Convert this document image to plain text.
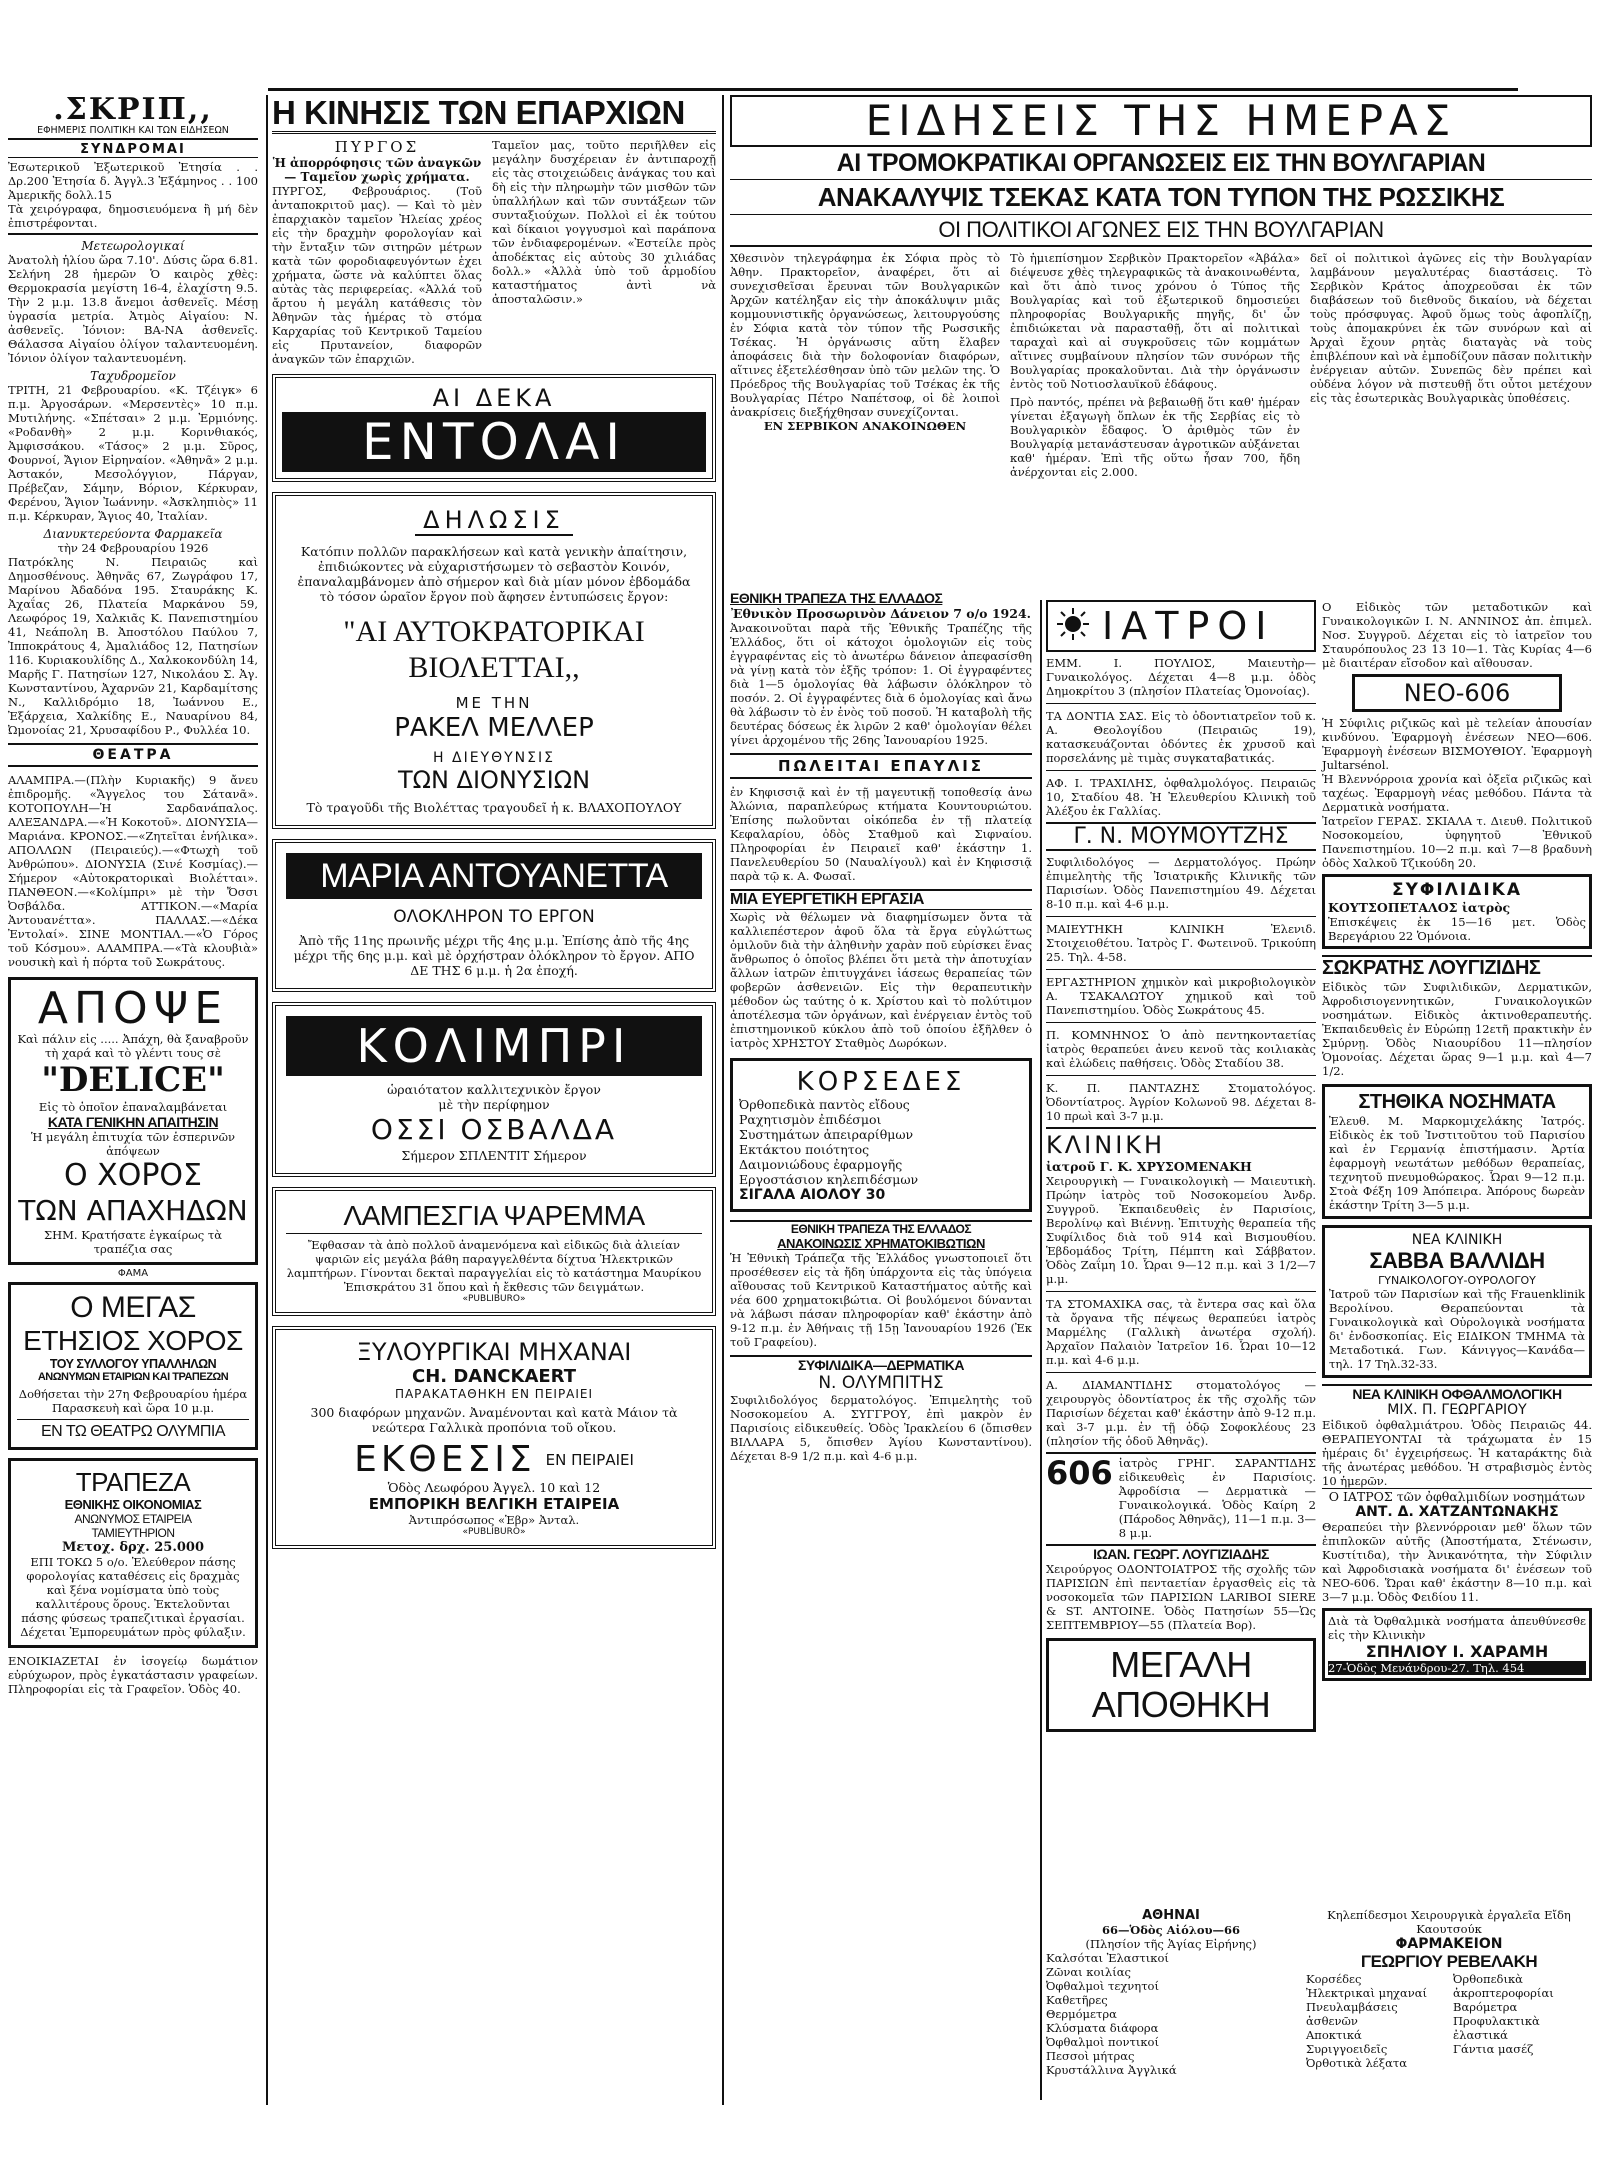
.ΣΚΡΙΠ,,
ΕΦΗΜΕΡΙΣ ΠΟΛΙΤΙΚΗ ΚΑΙ ΤΩΝ ΕΙΔΗΣΕΩΝ
ΣΥΝΔΡΟΜΑΙ

Ἐσωτερικοῦ Ἐξωτερικοῦ Ἐτησία . . Δρ.200 Ἐτησία δ. Ἀγγλ.3 Ἑξάμηνος . . 100 Ἀμερικῆς δολλ.15

Τὰ χειρόγραφα, δημοσιευόμενα ἢ μή δὲν ἐπιστρέφονται.

Μετεωρολογικαί

Ἀνατολὴ ἡλίου ὥρα 7.10'. Δύσις ὥρα 6.81. Σελήνη 28 ἡμερῶν Ὁ καιρὸς χθὲς: Θερμοκρασία μεγίστη 16-4, ἐλαχίστη 9.5. Τὴν 2 μ.μ. 13.8 ἄνεμοι ἀσθενεῖς. Μέσῃ ὑγρασία μετρία. Ἀτμὸς Αἰγαίου: Ν. ἀσθενεῖς. Ἰόνιον: ΒΑ-ΝΑ ἀσθενεῖς. Θάλασσα Αἰγαίου ὀλίγον ταλαντευομένη. Ἰόνιον ὀλίγον ταλαντευομένη.

Ταχυδρομεῖον

ΤΡΙΤΗ, 21 Φεβρουαρίου. «Κ. Τζέιγκ» 6 π.μ. Ἀργοσάρων. «Μερσεντὲς» 10 π.μ. Μυτιλήνης. «Σπέτσαι» 2 μ.μ. Ἐρμιόνης. «Ροδανθὴ» 2 μ.μ. Κορινθιακός, Ἀμφισσάκου. «Τάσος» 2 μ.μ. Σῦρος, Φουρνοί, Ἄγιον Εἰρηναίον. «Ἀθηνᾶ» 2 μ.μ. Ἀστακόν, Μεσολόγγιον, Πάργαν, Πρέβεζαν, Σάμην, Βόριον, Κέρκυραν, Φερένου, Ἅγιον Ἰωάννην. «Ἀσκληπιὸς» 11 π.μ. Κέρκυραν, Ἅγιος 40, Ἰταλίαν.

Διανυκτερεύοντα Φαρμακεῖα
τὴν 24 Φεβρουαρίου 1926

Πατρόκλης Ν. Πειραιῶς καὶ Δημοσθένους. Ἀθηνᾶς 67, Ζωγράφου 17, Μαρίνου Ἀδαδόνα 195. Σταυράκης Κ. Ἀχαΐας 26, Πλατεία Μαρκάνου 59, Λεωφόρος 19, Χαλκιᾶς Κ. Πανεπιστημίου 41, Νεάπολη Β. Ἀποστόλου Παύλου 7, Ἰπποκράτους 4, Ἀμαλιάδος 12, Πατησίων 116. Κυριακουλίδης Δ., Χαλκοκονδύλη 14, Μαρῆς Γ. Πατησίων 127, Νικολάου Σ. Ἀγ. Κωνσταντίνου, Ἀχαρνῶν 21, Καρδαμίτσης Ν., Καλλιδρόμιο 18, Ἰωάννου Ε., Ἐξάρχεια, Χαλκίδης Ε., Ναυαρίνου 84, Ὠμονοίας 21, Χρυσαφίδου Ρ., Φυλλέα 10.

ΘΕΑΤΡΑ

ΑΛΑΜΠΡΑ.—(Πλὴν Κυριακῆς) 9 ἄνευ ἐπιδρομῆς. «Ἄγγελος του Σάτανᾶ». ΚΟΤΟΠΟΥΛΗ—Ἡ Σαρδανάπαλος. ΑΛΕΞΑΝΔΡΑ.—«Ἡ Κοκοτοῦ». ΔΙΟΝΥΣΙΑ—Μαριάνα. ΚΡΟΝΟΣ.—«Ζητεῖται ἐνήλικα». ΑΠΟΛΛΩΝ (Πειραιεύς).—«Φτωχὴ τοῦ Ἀνθρώπου». ΔΙΟΝΥΣΙΑ (Σινέ Κοσμίας).—Σήμερον «Αὐτοκρατορικαὶ Βιολέτται». ΠΑΝΘΕΟΝ.—«Κολίμπρι» μὲ τὴν Ὄσσι Ὀσβάλδα. ΑΤΤΙΚΟΝ.—«Μαρία Ἀντουανέττα». ΠΑΛΛΑΣ.—«Δέκα Ἐντολαί». ΣΙΝΕ ΜΟΝΤΙΑΛ.—«Ὁ Γόρος τοῦ Κόσμου». ΑΛΑΜΠΡΑ.—«Τὰ κλουβιὰ» νουσικὴ καὶ ἡ πόρτα τοῦ Σωκράτους.

ΑΠΟΨΕ
Καὶ πάλιν εἰς ..... Ἀπάχη, θὰ ξαναβροῦν τὴ χαρά καὶ τὸ γλέντι τους σὲ
"DELICE"
Εἰς τὸ ὁποῖον ἐπαναλαμβάνεται
ΚΑΤΑ ΓΕΝΙΚΗΝ ΑΠΑΙΤΗΣΙΝ
Ἡ μεγάλη ἐπιτυχία τῶν ἑσπερινῶν ἀπόψεων
Ο ΧΟΡΟΣ
ΤΩΝ ΑΠΑΧΗΔΩΝ
ΣΗΜ. Κρατήσατε ἐγκαίρως τὰ τραπέζια σας
ΦΑΜΑ
Ο ΜΕΓΑΣ
ΕΤΗΣΙΟΣ ΧΟΡΟΣ
ΤΟΥ ΣΥΛΛΟΓΟΥ ΥΠΑΛΛΗΛΩΝ
ΑΝΩΝΥΜΩΝ ΕΤΑΙΡΙΩΝ ΚΑΙ ΤΡΑΠΕΖΩΝ
Δοθήσεται τὴν 27η Φεβρουαρίου ἡμέρα Παρασκευὴ καὶ ὥρα 10 μ.μ.
ΕΝ ΤΩ ΘΕΑΤΡΩ ΟΛΥΜΠΙΑ
ΤΡΑΠΕΖΑ
ΕΘΝΙΚΗΣ ΟΙΚΟΝΟΜΙΑΣ
ΑΝΩΝΥΜΟΣ ΕΤΑΙΡΕΙΑ
ΤΑΜΙΕΥΤΗΡΙΟΝ
Μετοχ. δρχ. 25.000
ΕΠΙ ΤΟΚΩ 5 ο/ο. Ἐλεύθερον πάσης φορολογίας καταθέσεις εἰς δραχμὰς καὶ ξένα νομίσματα ὑπὸ τοὺς καλλιτέρους ὅρους. Ἐκτελοῦνται πάσης φύσεως τραπεζιτικαὶ ἐργασίαι. Δέχεται Ἐμπορευμάτων πρὸς φύλαξιν.

ΕΝΟΙΚΙΑΖΕΤΑΙ ἐν ἰσογείῳ δωμάτιον εὐρύχωρον, πρὸς ἐγκατάστασιν γραφείων. Πληροφορίαι εἰς τὰ Γραφεῖον. Ὁδὸς 40.

Η ΚΙΝΗΣΙΣ ΤΩΝ ΕΠΑΡΧΙΩΝ
ΠΥΡΓΟΣ
Ἡ ἀπορρόφησις τῶν ἀναγκῶν
— Ταμεῖον χωρὶς χρήματα.

ΠΥΡΓΟΣ, Φεβρουάριος. (Τοῦ ἀνταποκριτοῦ μας). — Καὶ τὸ μὲν ἐπαρχιακὸν ταμεῖον Ἠλείας χρέος εἰς τὴν δραχμὴν φορολογίαν καὶ τὴν ἔνταξιν τῶν σιτηρῶν μέτρων κατὰ τῶν φοροδιαφευγόντων ἐχει χρήματα, ὥστε νὰ καλύπτει ὅλας αὐτὰς τὰς περιφερείας. «Ἀλλά τοῦ ἄρτου ἡ μεγάλη κατάθεσις τὸν Ἀθηνῶν τὰς ἡμέρας τὸ στόμα Καρχαρίας τοῦ Κεντρικοῦ Ταμείου εἰς Πρυτανείον, διαφορῶν ἀναγκῶν τῶν ἐπαρχιῶν.

Ταμεῖον μας, τοῦτο περιῆλθεν εἰς μεγάλην δυσχέρειαν ἐν ἀντιπαροχῇ εἰς τὰς στοιχειώδεις ἀνάγκας του καὶ δὴ εἰς τὴν πληρωμὴν τῶν μισθῶν τῶν ὑπαλλήλων καὶ τῶν συντάξεων τῶν συνταξιούχων. Πολλοὶ εἰ ἐκ τούτου καὶ δίκαιοι γογγυσμοὶ καὶ παράπονα τῶν ἐνδιαφερομένων. «Ἐστείλε πρὸς ἀποδέκτας εἰς αὐτοὺς 30 χιλιάδας δολλ.» «Ἀλλὰ ὑπὸ τοῦ ἀρμοδίου καταστήματος ἀντὶ νὰ ἀποσταλῶσιν.»

ΑΙ ΔΕΚΑ
ΕΝΤΟΛΑΙ
ΔΗΛΩΣΙΣ

Κατόπιν πολλῶν παρακλήσεων καὶ κατὰ γενικὴν ἀπαίτησιν, ἐπιδιώκοντες νὰ εὐχαριστήσωμεν τὸ σεβαστὸν Κοινόν, ἐπαναλαμβάνομεν ἀπὸ σήμερον καὶ διὰ μίαν μόνον ἑβδομάδα τὸ τόσον ὡραῖον ἔργον ποὺ ἄφησεν ἐντυπώσεις ἔργον:

"ΑΙ ΑΥΤΟΚΡΑΤΟΡΙΚΑΙ ΒΙΟΛΕΤΤΑΙ,,
ΜΕ ΤΗΝ
ΡΑΚΕΛ ΜΕΛΛΕΡ
Η ΔΙΕΥΘΥΝΣΙΣ
ΤΩΝ ΔΙΟΝΥΣΙΩΝ
Τὸ τραγοῦδι τῆς Βιολέττας τραγουδεῖ ἡ κ. ΒΛΑΧΟΠΟΥΛΟΥ
ΜΑΡΙΑ ΑΝΤΟΥΑΝΕΤΤΑ
ΟΛΟΚΛΗΡΟΝ ΤΟ ΕΡΓΟΝ

Ἀπὸ τῆς 11ης πρωινῆς μέχρι τῆς 4ης μ.μ. Ἐπίσης ἀπὸ τῆς 4ης μέχρι τῆς 6ης μ.μ. καὶ μὲ ὀρχήστραν ὁλόκληρον τὸ ἔργον. ΑΠΟ ΔΕ ΤΗΣ 6 μ.μ. ἡ 2α ἐποχή.

ΚΟΛΙΜΠΡΙ
ὡραιότατον καλλιτεχνικὸν ἔργον
μὲ τὴν περίφημον
ΟΣΣΙ ΟΣΒΑΛΔΑ
Σήμερον ΣΠΛΕΝΤΙΤ Σήμερον
ΛΑΜΠΕΣΓΙΑ ΨΑΡΕΜΜΑ

Ἔφθασαν τὰ ἀπὸ πολλοῦ ἀναμενόμενα καὶ εἰδικῶς διὰ ἀλιείαν ψαριῶν εἰς μεγάλα βάθη παραγγελθέντα δίχτυα Ἠλεκτρικῶν λαμπτήρων. Γίνονται δεκταὶ παραγγελίαι εἰς τὸ κατάστημα Μαυρίκου Ἐπισκράτου 31 ὅπου καὶ ἡ ἔκθεσις τῶν δειγμάτων.

«PUBLIBURO»
ΞΥΛΟΥΡΓΙΚΑΙ ΜΗΧΑΝΑΙ
CH. DANCKAERT
ΠΑΡΑΚΑΤΑΘΗΚΗ ΕΝ ΠΕΙΡΑΙΕΙ
300 διαφόρων μηχανῶν. Ἀναμένονται καὶ κατὰ Μάιον τὰ νεώτερα Γαλλικὰ προπόνια τοῦ οἴκου.
ΕΚΘΕΣΙΣ ΕΝ ΠΕΙΡΑΙΕΙ
Ὁδὸς Λεωφόρου Ἀγγελ. 10 καὶ 12
ΕΜΠΟΡΙΚΗ ΒΕΛΓΙΚΗ ΕΤΑΙΡΕΙΑ
Ἀντιπρόσωπος «Ἑβρ» Ἀνταλ.
«PUBLIBURO»
ΕΙΔΗΣΕΙΣ ΤΗΣ ΗΜΕΡΑΣ
ΑΙ ΤΡΟΜΟΚΡΑΤΙΚΑΙ ΟΡΓΑΝΩΣΕΙΣ ΕΙΣ ΤΗΝ ΒΟΥΛΓΑΡΙΑΝ
ΑΝΑΚΑΛΥΨΙΣ ΤΣΕΚΑΣ ΚΑΤΑ ΤΟΝ ΤΥΠΟΝ ΤΗΣ ΡΩΣΣΙΚΗΣ
ΟΙ ΠΟΛΙΤΙΚΟΙ ΑΓΩΝΕΣ ΕΙΣ ΤΗΝ ΒΟΥΛΓΑΡΙΑΝ

Χθεσινὸν τηλεγράφημα ἐκ Σόφια πρὸς τὸ Ἀθην. Πρακτορεῖον, ἀναφέρει, ὅτι αἱ συνεχισθεῖσαι ἔρευναι τῶν Βουλγαρικῶν Ἀρχῶν κατέληξαν εἰς τὴν ἀποκάλυψιν μιᾶς κομμουνιστικῆς ὀργανώσεως, λειτουργούσης ἐν Σόφια κατὰ τὸν τύπον τῆς Ρωσσικῆς Τσέκας. Ἡ ὀργάνωσις αὕτη ἔλαβεν ἀποφάσεις διὰ τὴν δολοφονίαν διαφόρων, αἵτινες ἐξετελέσθησαν ὑπὸ τῶν μελῶν της. Ὁ Πρόεδρος τῆς Βουλγαρίας τοῦ Τσέκας ἐκ τῆς Βουλγαρίας Πέτρο Ναπέτσοφ, οἱ δὲ λοιποὶ ἀνακρίσεις διεξήχθησαν συνεχίζονται.

ΕΝ ΣΕΡΒΙΚΟΝ ΑΝΑΚΟΙΝΩΘΕΝ

Τὸ ἡμιεπίσημον Σερβικὸν Πρακτορεῖον «Ἀβάλα» διέψευσε χθὲς τηλεγραφικῶς τὰ ἀνακοινωθέντα, καὶ ὅτι ἀπὸ τινος χρόνου ὁ Τύπος τῆς Βουλγαρίας καὶ τοῦ ἐξωτερικοῦ δημοσιεύει πληροφορίας Βουλγαρικῆς πηγῆς, δι' ὧν ἐπιδιώκεται νὰ παρασταθῇ, ὅτι αἱ πολιτικαὶ ταραχαὶ καὶ αἱ συγκροῦσεις τῶν κομμάτων αἵτινες συμβαίνουν πλησίον τῶν συνόρων τῆς Βουλγαρίας προκαλοῦνται. Διὰ τὴν ὀργάνωσιν ἐντὸς τοῦ Νοτιοσλαυϊκοῦ ἐδάφους.

Πρὸ παντός, πρέπει νὰ βεβαιωθῇ ὅτι καθ' ἡμέραν γίνεται ἐξαγωγὴ ὅπλων ἐκ τῆς Σερβίας εἰς τὸ Βουλγαρικὸν ἔδαφος. Ὁ ἀριθμὸς τῶν ἐν Βουλγαρίᾳ μετανάστευσαν ἀγροτικῶν αὐξάνεται καθ' ἡμέραν. Ἐπὶ τῆς οὕτω ἦσαν 700, ἤδη ἀνέρχονται εἰς 2.000.

δεῖ οἱ πολιτικοὶ ἀγῶνες εἰς τὴν Βουλγαρίαν λαμβάνουν μεγαλυτέρας διαστάσεις. Τὸ Σερβικὸν Κράτος ἀποχρεοῦσαι ἐκ τῶν διαβάσεων τοῦ διεθνοῦς δικαίου, νὰ δέχεται τοὺς πρόσφυγας. Ἀφοῦ ὅμως τοὺς ἀφοπλίζῃ, τοὺς ἀπομακρύνει ἐκ τῶν συνόρων καὶ αἱ Ἀρχαὶ ἔχουν ρητὰς διαταγὰς νὰ τοὺς ἐπιβλέπουν καὶ νὰ ἐμποδίζουν πᾶσαν πολιτικὴν ἐνέργειαν αὐτῶν. Συνεπῶς δὲν πρέπει καὶ οὐδένα λόγον νὰ πιστευθῇ ὅτι οὗτοι μετέχουν εἰς τὰς ἐσωτερικὰς Βουλγαρικὰς ὑποθέσεις.

ΕΘΝΙΚΗ ΤΡΑΠΕΖΑ ΤΗΣ ΕΛΛΑΔΟΣ
Ἐθνικὸν Προσωρινὸν Δάνειον 7 ο/ο 1924.

Ἀνακοινοῦται παρὰ τῆς Ἐθνικῆς Τραπέζης τῆς Ἑλλάδος, ὅτι οἱ κάτοχοι ὁμολογιῶν εἰς τοὺς ἐγγραφέντας εἰς τὸ ἀνωτέρω δάνειον ἀπεφασίσθη νὰ γίνῃ κατὰ τὸν ἑξῆς τρόπον: 1. Οἱ ἐγγραφέντες διὰ 1—5 ὁμολογίας θὰ λάβωσιν ὁλόκληρον τὸ ποσόν. 2. Οἱ ἐγγραφέντες διὰ 6 ὁμολογίας καὶ ἄνω θὰ λάβωσιν τὸ ἐν ἑνὸς τοῦ ποσοῦ. Ἡ καταβολὴ τῆς δευτέρας δόσεως ἐκ λιρῶν 2 καθ' ὁμολογίαν θέλει γίνει ἀρχομένου τῆς 26ης Ἰανουαρίου 1925.

ΠΩΛΕΙΤΑΙ ΕΠΑΥΛΙΣ

ἐν Κηφισσιᾷ καὶ ἐν τῇ μαγευτικῇ τοποθεσίᾳ ἀνω Ἀλώνια, παραπλεύρως κτήματα Κουντουριώτου. Ἐπίσης πωλοῦνται οἰκόπεδα ἐν τῇ πλατείᾳ Κεφαλαρίου, ὀδὸς Σταθμοῦ καὶ Σιφναίου. Πληροφορίαι ἐν Πειραιεῖ καθ' ἑκάστην 1. Πανελευθερίου 50 (Ναυαλίγουλ) καὶ ἐν Κηφισσιᾷ παρὰ τῷ κ. Α. Φωσαῖ.

ΜΙΑ ΕΥΕΡΓΕΤΙΚΗ ΕΡΓΑΣΙΑ

Χωρὶς νὰ θέλωμεν νὰ διαφημίσωμεν ὄντα τὰ καλλιεπέστερον ἀφοῦ ὅλα τὰ ἔργα εὐγλώττως ὁμιλοῦν διὰ τὴν ἀληθινὴν χαρὰν ποῦ εὑρίσκει ἕνας ἄνθρωπος ὁ ὁποῖος βλέπει ὅτι μετὰ τὴν ἀποτυχίαν ἄλλων ἰατρῶν ἐπιτυγχάνει ἰάσεως θεραπείας τῶν φοβερῶν ἀσθενειῶν. Εἰς τὴν θεραπευτικὴν μέθοδον ὡς ταύτης ὁ κ. Χρίστου καὶ τὸ πολύτιμον ἀποτέλεσμα τῶν ὀργάνων, καὶ ἐνέργειαν ἐντὸς τοῦ ἐπιστημονικοῦ κύκλου ἀπὸ τοῦ ὁποίου ἐξῆλθεν ὁ ἰατρὸς ΧΡΗΣΤΟΥ Σταθμὸς Δωρόκων.

ΚΟΡΣΕΔΕΣ
Ὀρθοπεδικὰ παντὸς εἴδους
Ραχητισμὸν ἐπιδέσμοι
Συστημάτων ἀπειραρίθμων
Εκτάκτου ποιότητος
Δαιμονιώδους ἐφαρμογῆς
Εργοστάσιον κηλεπιδέσμων
ΣΙΓΑΛΑ ΑΙΟΛΟΥ 30
ΕΘΝΙΚΗ ΤΡΑΠΕΖΑ ΤΗΣ ΕΛΛΑΔΟΣ
ΑΝΑΚΟΙΝΩΣΙΣ ΧΡΗΜΑΤΟΚΙΒΩΤΙΩΝ

Ἡ Ἐθνικὴ Τράπεζα τῆς Ἑλλάδος γνωστοποιεῖ ὅτι προσέθεσεν εἰς τὰ ἤδη ὑπάρχοντα εἰς τὰς ὑπόγεια αἴθουσας τοῦ Κεντρικοῦ Καταστήματος αὐτῆς καὶ νέα 600 χρηματοκιβώτια. Οἱ βουλόμενοι δύνανται νὰ λάβωσι πάσαν πληροφορίαν καθ' ἑκάστην ἀπὸ 9-12 π.μ. ἐν Ἀθήναις τῇ 15ῃ Ἰανουαρίου 1926 (Ἐκ τοῦ Γραφείου).

ΣΥΦΙΛΙΔΙΚΑ—ΔΕΡΜΑΤΙΚΑ
Ν. ΟΛΥΜΠΙΤΗΣ

Συφιλιδολόγος δερματολόγος. Ἐπιμελητὴς τοῦ Νοσοκομείου Α. ΣΥΓΓΡΟΥ, ἐπὶ μακρὸν ἐν Παρισίοις εἰδικευθείς. Ὁδὸς Ἰρακλείου 6 (ὄπισθεν ΒΙΛΛΑΡΑ 5, ὄπισθεν Ἁγίου Κωνσταντίνου). Δέχεται 8-9 1/2 π.μ. καὶ 4-6 μ.μ.

ΙΑΤΡΟΙ

ΕΜΜ. Ι. ΠΟΥΛΙΟΣ, Μαιευτὴρ—Γυναικολόγος. Δέχεται 4—8 μ.μ. ὁδὸς Δημοκρίτου 3 (πλησίον Πλατείας Ὁμονοίας).

ΤΑ ΔΟΝΤΙΑ ΣΑΣ. Εἰς τὸ ὀδοντιατρεῖον τοῦ κ. Α. Θεολογίδου (Πειραιῶς 19), κατασκευάζονται ὀδόντες ἐκ χρυσοῦ καὶ πορσελάνης μὲ τιμὰς συγκαταβατικάς.

ΑΦ. Ι. ΤΡΑΧΙΛΗΣ, ὀφθαλμολόγος. Πειραιῶς 10, Σταδίου 48. Ἡ Ἐλευθερίου Κλινικὴ τοῦ Ἀλέξου ἐκ Γαλλίας.

Γ. Ν. ΜΟΥΜΟΥΤΖΗΣ

Συφιλιδολόγος — Δερματολόγος. Πρώην ἐπιμελητὴς τῆς Ἰσιατρικῆς Κλινικῆς τῶν Παρισίων. Ὁδὸς Πανεπιστημίου 49. Δέχεται 8-10 π.μ. καὶ 4-6 μ.μ.

ΜΑΙΕΥΤΗΚΗ ΚΛΙΝΙΚΗ Ἐλενιδ. Στοιχειοθέτου. Ἰατρὸς Γ. Φωτεινοῦ. Τρικούπη 25. Τηλ. 4-58.

ΕΡΓΑΣΤΗΡΙΟΝ χημικὸν καὶ μικροβιολογικὸν Α. ΤΣΑΚΑΛΩΤΟΥ χημικοῦ καὶ τοῦ Πανεπιστημίου. Ὁδὸς Σωκράτους 45.

Π. ΚΟΜΝΗΝΟΣ Ὁ ἀπὸ πεντηκονταετίας ἰατρὸς θεραπεύει ἀνευ κενοῦ τὰς κοιλιακὰς καὶ ἐλώδεις παθήσεις. Ὁδὸς Σταδίου 38.

Κ. Π. ΠΑΝΤΑΖΗΣ Στοματολόγος. Ὀδοντίατρος. Ἀγρίον Κολωνοῦ 98. Δέχεται 8-10 πρωὶ καὶ 3-7 μ.μ.

ΚΛΙΝΙΚΗ
ἰατροῦ Γ. Κ. ΧΡΥΣΟΜΕΝΑΚΗ

Χειρουργικὴ — Γυναικολογικὴ — Μαιευτικὴ. Πρώην ἰατρὸς τοῦ Νοσοκομείου Ἀνδρ. Συγγροῦ. Ἐκπαιδευθεὶς ἐν Παρισίοις, Βερολίνῳ καὶ Βιέννῃ. Ἐπιτυχὴς θεραπεία τῆς Συφίλιδος διὰ τοῦ 914 καὶ Βισμουθίου. Ἑβδομάδος Τρίτη, Πέμπτη καὶ Σάββατον. Ὁδὸς Ζαΐμη 10. Ὧραι 9—12 π.μ. καὶ 3 1/2—7 μ.μ.

ΤΑ ΣΤΟΜΑΧΙΚΑ σας, τὰ ἔντερα σας καὶ ὅλα τὰ ὄργανα τῆς πέψεως θεραπεύει ἰατρὸς Μαρμέλης (Γαλλικὴ ἀνωτέρα σχολή). Ἀρχαῖον Παλαιὸν Ἰατρεῖον 16. Ὧραι 10—12 π.μ. καὶ 4-6 μ.μ.

Α. ΔΙΑΜΑΝΤΙΔΗΣ στοματολόγος — χειρουργὸς ὀδοντίατρος ἐκ τῆς σχολῆς τῶν Παρισίων δέχεται καθ' ἑκάστην ἀπὸ 9-12 π.μ. καὶ 3-7 μ.μ. ἐν τῇ ὁδῷ Σοφοκλέους 23 (πλησίον τῆς ὁδοῦ Ἀθηνᾶς).

606 ἰατρὸς ΓΡΗΓ. ΣΑΡΑΝΤΙΔΗΣ εἰδικευθεὶς ἐν Παρισίοις. Ἀφροδίσια — Δερματικὰ — Γυναικολογικά. Ὁδὸς Καίρη 2 (Πάροδος Ἀθηνᾶς), 11—1 π.μ. 3—8 μ.μ.
ΙΩΑΝ. ΓΕΩΡΓ. ΛΟΥΓΙΖΙΑΔΗΣ

Χειρούργος ΟΔΟΝΤΟΙΑΤΡΟΣ τῆς σχολῆς τῶν ΠΑΡΙΣΙΩΝ ἐπὶ πενταετίαν ἐργασθεὶς εἰς τὰ νοσοκομεῖα τῶν ΠΑΡΙΣΙΩΝ LARIBOI SIERE & ST. ANTOINE. Ὁδὸς Πατησίων 55—Ὡς ΣΕΠΤΕΜΒΡΙΟΥ—55 (Πλατεία Βορ).

ΜΕΓΑΛΗ ΑΠΟΘΗΚΗ

Ο Εἰδικὸς τῶν μεταδοτικῶν καὶ Γυναικολογικῶν Ι. Ν. ΑΝΝΙΝΟΣ ἀπ. ἐπιμελ. Νοσ. Συγγροῦ. Δέχεται εἰς τὸ ἰατρεῖον του Σταυρόπουλος 23 13 10—1. Τὰς Κυρίας 4—6 μὲ διαιτέραν εἴσοδον καὶ αἴθουσαν.

ΝΕΟ-606

Ἡ Σύφιλις ριζικῶς καὶ μὲ τελείαν ἀπουσίαν κινδύνου. Ἐφαρμογὴ ἐνέσεων ΝΕΟ—606. Ἐφαρμογὴ ἐνέσεων ΒΙΣΜΟΥΘΙΟΥ. Ἐφαρμογὴ Jultarsénol.

Ἡ Βλεννόρροια χρονία καὶ ὀξεῖα ριζικῶς καὶ ταχέως. Ἐφαρμογὴ νέας μεθόδου. Πάντα τὰ Δερματικὰ νοσήματα.

Ἰατρεῖον ΓΕΡΑΣ. ΣΚΙΑΛΑ τ. Διευθ. Πολιτικοῦ Νοσοκομείου, ὑφηγητοῦ Ἐθνικοῦ Πανεπιστημίου. 10—2 π.μ. καὶ 7—8 βραδυνὴ ὁδὸς Χαλκοῦ Τζικούδη 20.

ΣΥΦΙΛΙΔΙΚΑ
ΚΟΥΤΣΟΠΕΤΑΛΟΣ ἰατρὸς
Ἐπισκέψεις ἐκ 15—16 μετ. Ὁδὸς Βερεγάριου 22 Ὁμόνοια.
ΣΩΚΡΑΤΗΣ ΛΟΥΓΙΖΙΔΗΣ

Εἰδικὸς τῶν Συφιλιδικῶν, Δερματικῶν, Ἀφροδισιογεννητικῶν, Γυναικολογικῶν νοσημάτων. Εἰδικὸς ἀκτινοθεραπευτής. Ἐκπαιδευθεὶς ἐν Εὐρώπῃ 12ετῆ πρακτικὴν ἐν Σμύρνῃ. Ὁδὸς Νιαουρίδου 11—πλησίον Ὁμονοίας. Δέχεται ὥρας 9—1 μ.μ. καὶ 4—7 1/2.

ΣΤΗΘΙΚΑ ΝΟΣΗΜΑΤΑ

Ἐλευθ. Μ. Μαρκομιχελάκης Ἰατρός. Εἰδικὸς ἐκ τοῦ Ἰνστιτοῦτου τοῦ Παρισίου καὶ ἐν Γερμανίᾳ ἐπιστήμασιν. Ἀρτία ἐφαρμογὴ νεωτάτων μεθόδων θεραπείας, τεχνητοῦ πνευμοθώρακος. Ὧραι 9—12 π.μ. Στοὰ Φέξη 109 Ἀπόπειρα. Ἀπόρους δωρεὰν ἑκάστην Τρίτη 3—5 μ.μ.

ΝΕΑ ΚΛΙΝΙΚΗ
ΣΑΒΒΑ ΒΑΛΛΙΔΗ
ΓΥΝΑΙΚΟΛΟΓΟΥ-ΟΥΡΟΛΟΓΟΥ

Ἰατροῦ τῶν Παρισίων καὶ τῆς Frauenklinik Βερολίνου. Θεραπεύονται τὰ Γυναικολογικὰ καὶ Οὐρολογικὰ νοσήματα δι' ἐνδοσκοπίας. Εἰς ΕΙΔΙΚΟΝ ΤΜΗΜΑ τὰ Μεταδοτικά. Γων. Κάνιγγος—Κανάδα—τηλ. 17 Τηλ.32-33.

ΝΕΑ ΚΛΙΝΙΚΗ ΟΦΘΑΛΜΟΛΟΓΙΚΗ
ΜΙΧ. Π. ΓΕΩΡΓΑΡΙΟΥ

Εἰδικοῦ ὀφθαλμιάτρου. Ὁδὸς Πειραιῶς 44. ΘΕΡΑΠΕΥΟΝΤΑΙ τὰ τράχωματα ἐν 15 ἡμέραις δι' ἐγχειρήσεως. Ἡ καταράκτης διὰ τῆς ἀνωτέρας μεθόδου. Ἡ στραβισμὸς ἐντὸς 10 ἡμερῶν.

Ο ΙΑΤΡΟΣ τῶν ὀφθαλμιδίων νοσημάτων
ΑΝΤ. Δ. ΧΑΤΖΑΝΤΩΝΑΚΗΣ

Θεραπεύει τὴν βλεννόρροιαν μεθ' ὅλων τῶν ἐπιπλοκῶν αὐτῆς (Ἀποστήματα, Στένωσιν, Κυστίτιδα), τὴν Ἀνικανότητα, τὴν Σύφιλιν καὶ Ἀφροδισιακὰ νοσήματα δι' ἐνέσεων τοῦ ΝΕΟ-606. Ὥραι καθ' ἑκάστην 8—10 π.μ. καὶ 3—7 μ.μ. Ὁδὸς Φειδίου 11.

Διὰ τὰ Ὀφθαλμικὰ νοσήματα ἀπευθύνεσθε εἰς τὴν Κλινικὴν
ΣΠΗΛΙΟΥ Ι. ΧΑΡΑΜΗ
27-Ὁδὸς Μενάνδρου-27. Τηλ. 454
ΑΘΗΝΑΙ
66—Ὁδὸς Αἰόλου—66
(Πλησίον τῆς Ἁγίας Εἰρήνης)
Καλσόται Ἐλαστικοί
Ζῶναι κοιλίας
Ὀφθαλμοὶ τεχνητοί
Καθετῆρες
Θερμόμετρα
Κλύσματα διάφορα
Ὀφθαλμοὶ ποντικοί
Πεσσοὶ μήτρας
Κρυστάλλινα Ἀγγλικά
Κηλεπίδεσμοι Χειρουργικὰ ἐργαλεῖα Εἴδη Καουτσούκ
ΦΑΡΜΑΚΕΙΟΝ
ΓΕΩΡΓΙΟΥ ΡΕΒΕΛΑΚΗ
Κορσέδες
Ἠλεκτρικαὶ μηχαναί
Πνευλαμβάσεις ἀσθενῶν
Αποκτικά
Συριγγοειδεῖς
Ὀρθοτικὰ λέξατα
Ὀρθοπεδικὰ ἀκροπτεροφορίαι
Βαρόμετρα
Προφυλακτικὰ ἐλαστικά
Γάντια μασέζ
